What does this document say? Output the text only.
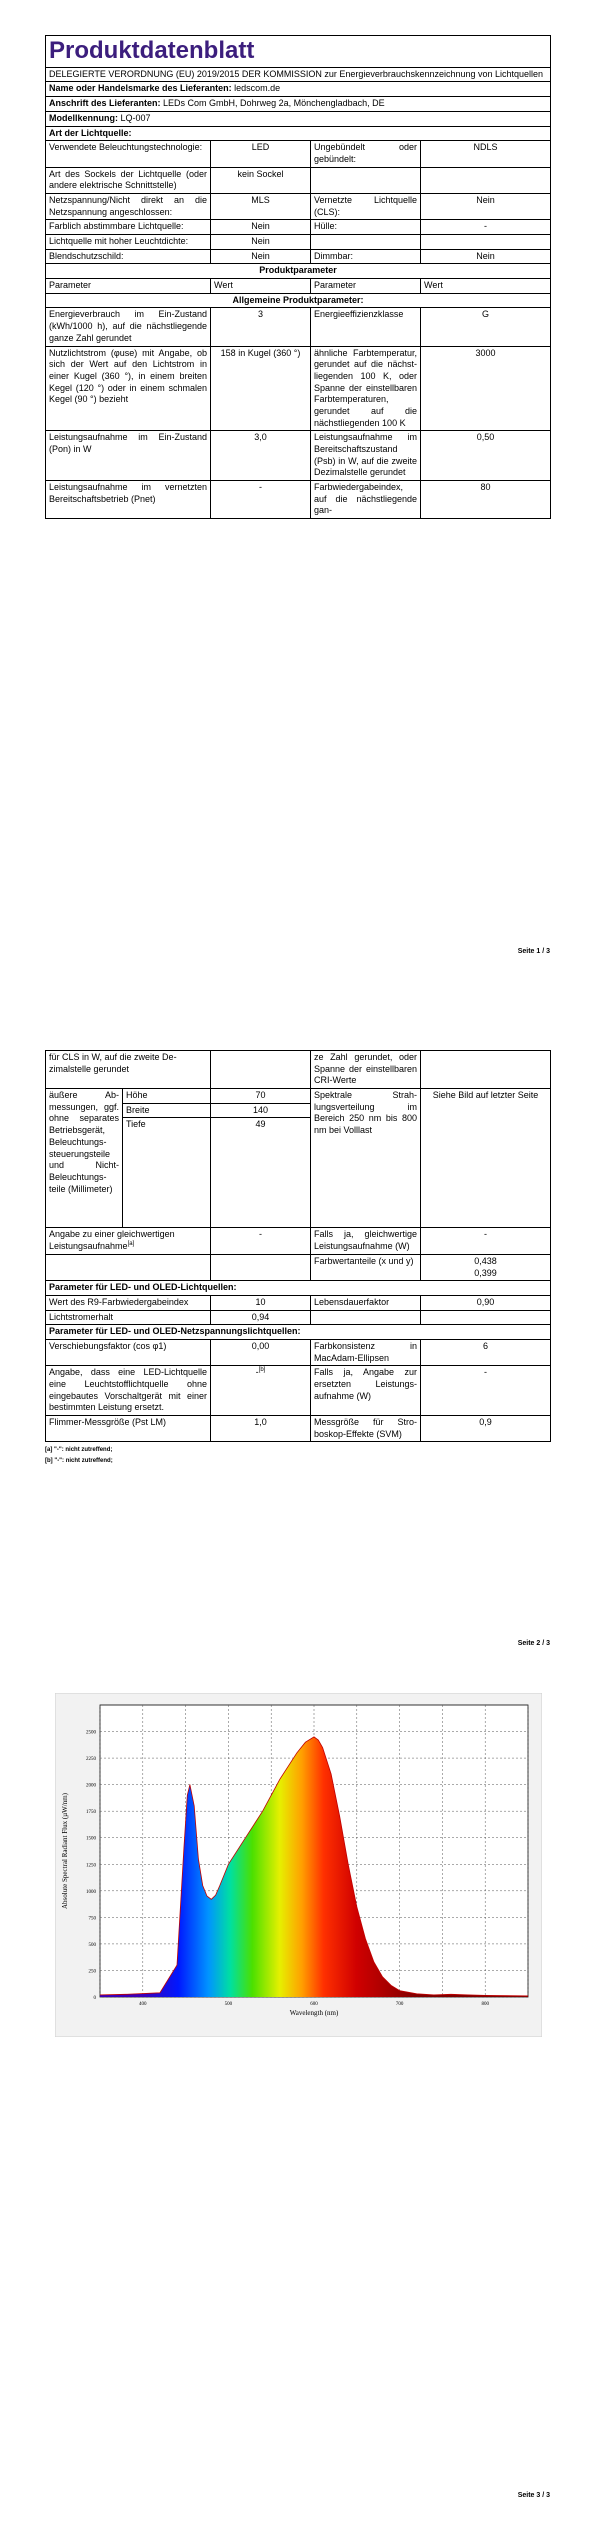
Produktdatenblatt			
DELEGIERTE VERORDNUNG (EU) 2019/2015 DER KOMMISSION zur Energieverbrauchskennzeichnung von Lichtquellen			
Name oder Handelsmarke des Lieferanten: ledscom.de			
Anschrift des Lieferanten: LEDs Com GmbH, Dohrweg 2a, Mönchengladbach, DE			
Modellkennung: LQ-007			
Art der Lichtquelle:			
Verwendete Beleuchtungstechnologie:	LED	Ungebündelt oder gebündelt:	NDLS
Art des Sockels der Lichtquelle (oder andere elektrische Schnittstelle)	kein Sockel		
Netzspannung/Nicht direkt an die Netzspannung angeschlossen:	MLS	Vernetzte Lichtquelle (CLS):	Nein
Farblich abstimmbare Lichtquelle:	Nein	Hülle:	-
Lichtquelle mit hoher Leuchtdichte:	Nein		
Blendschutzschild:	Nein	Dimmbar:	Nein
Produktparameter			
Parameter	Wert	Parameter	Wert
Allgemeine Produktparameter:			
Energieverbrauch im Ein-Zustand (kWh/1000 h), auf die nächstliegende ganze Zahl gerundet	3	Energieeffizienzklasse	G
Nutzlichtstrom (φuse) mit Angabe, ob sich der Wert auf den Lichtstrom in einer Kugel (360 °), in einem breiten Kegel (120 °) oder in einem schmalen Kegel (90 °) bezieht	158 in Kugel (360 °)	ähnliche Farbtemperatur, gerundet auf die nächstliegenden 100 K, oder Spanne der einstellbaren Farbtemperaturen, gerundet auf die nächstliegenden 100 K	3000
Leistungsaufnahme im Ein-Zustand (Pon) in W	3,0	Leistungsaufnahme im Bereitschaftszustand (Psb) in W, auf die zweite Dezimalstelle gerundet	0,50
Leistungsaufnahme im vernetzten Bereitschaftsbetrieb (Pnet)	-	Farbwiedergabeindex, auf die nächstliegende gan-	80
Seite 1 / 3
für CLS in W, auf die zweite Dezimalstelle gerundet			ze Zahl gerundet, oder Spanne der einstellbaren CRI-Werte	
äußere Abmessungen, ggf. ohne separates Betriebsgerät, Beleuchtungssteuerungsteile und Nicht-Beleuchtungsteile (Millimeter)	Höhe	70	Spektrale Strahlungsverteilung im Bereich 250 nm bis 800 nm bei Volllast	Siehe Bild auf letzter Seite
	Breite	140		
	Tiefe	49		
Angabe zu einer gleichwertigen Leistungsaufnahme[a]		-	Falls ja, gleichwertige Leistungsaufnahme (W)	-
			Farbwertanteile (x und y)	0,438
0,399

Parameter für LED- und OLED-Lichtquellen:				
Wert des R9-Farbwiedergabeindex		10	Lebensdauerfaktor	0,90
Lichtstromerhalt		0,94		
Parameter für LED- und OLED-Netzspannungslichtquellen:				
Verschiebungsfaktor (cos φ1)		0,00	Farbkonsistenz in MacAdam-Ellipsen	6
Angabe, dass eine LED-Lichtquelle eine Leuchtstofflichtquelle ohne eingebautes Vorschaltgerät mit einer bestimmten Leistung ersetzt.		-[b]	Falls ja, Angabe zur ersetzten Leistungsaufnahme (W)	-
Flimmer-Messgröße (Pst LM)		1,0	Messgröße für Stroboskop-Effekte (SVM)	0,9
[a] "-": nicht zutreffend;
[b] "-": nicht zutreffend;
Seite 2 / 3
0
250
500
750
1000
1250
1500
1750
2000
2250
2500
400	500	600	700	800
Wavelength (nm)
Absolute Spectral Radiant Flux (µW/nm)
Seite 3 / 3
